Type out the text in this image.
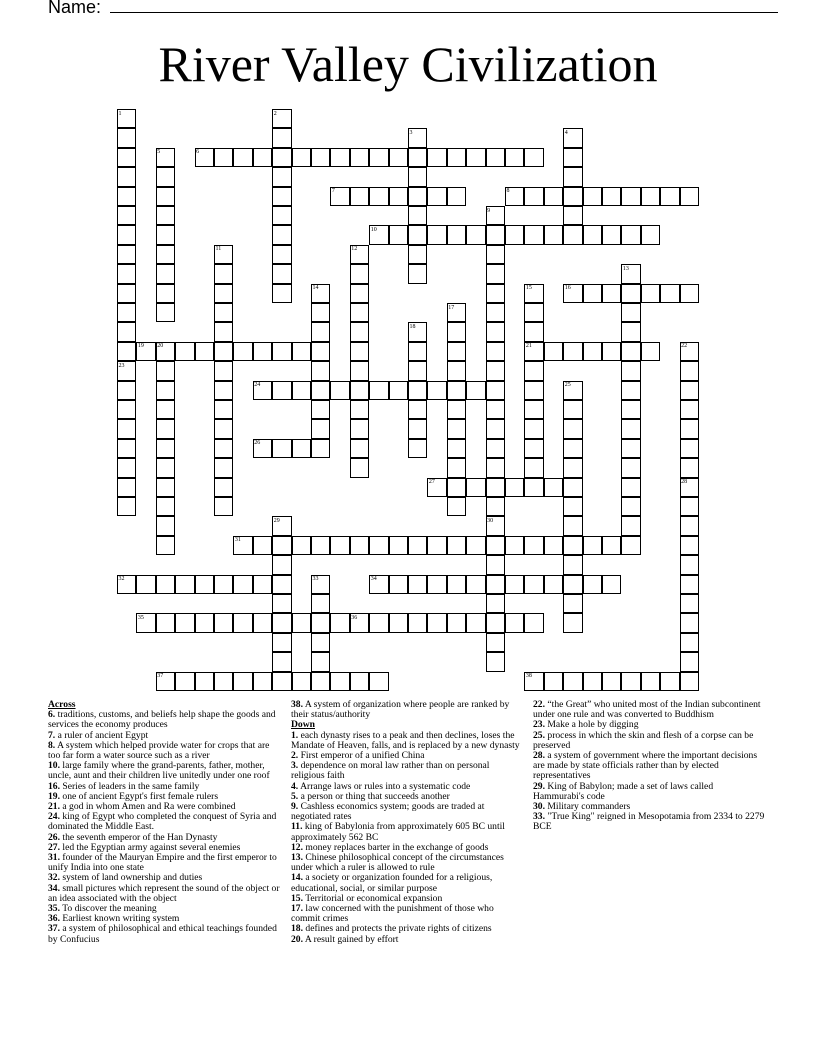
Name:
River Valley Civilization
1	2
3	4
5	6
7	8
9
10
11	12
13
14	15	16
17
18
19 20	21	22
23
24	25
26
27	28
29	30
31
32	33	34
35	36
37	38
Across
6. traditions, customs, and beliefs help shape the goods and services the economy produces
7. a ruler of ancient Egypt
8. A system which helped provide water for crops that are too far form a water source such as a river
10. large family where the grand-parents, father, mother, uncle, aunt and their children live unitedly under one roof
16. Series of leaders in the same family
19. one of ancient Egypt's first female rulers
21. a god in whom Amen and Ra were combined
24. king of Egypt who completed the conquest of Syria and dominated the Middle East.
26. the seventh emperor of the Han Dynasty
27. led the Egyptian army against several enemies
31. founder of the Mauryan Empire and the first emperor to unify India into one state
32. system of land ownership and duties
34. small pictures which represent the sound of the object or an idea associated with the object
35. To discover the meaning
36. Earliest known writing system
37. a system of philosophical and ethical teachings founded by Confucius
38. A system of organization where people are ranked by their status/authority
Down
1. each dynasty rises to a peak and then declines, loses the Mandate of Heaven, falls, and is replaced by a new dynasty
2. First emperor of a unified China
3. dependence on moral law rather than on personal religious faith
4. Arrange laws or rules into a systematic code
5. a person or thing that succeeds another
9. Cashless economics system; goods are traded at negotiated rates
11. king of Babylonia from approximately 605 BC until approximately 562 BC
12. money replaces barter in the exchange of goods
13. Chinese philosophical concept of the circumstances under which a ruler is allowed to rule
14. a society or organization founded for a religious, educational, social, or similar purpose
15. Territorial or economical expansion
17. law concerned with the punishment of those who commit crimes
18. defines and protects the private rights of citizens
20. A result gained by effort
22. “the Great” who united most of the Indian subcontinent under one rule and was converted to Buddhism
23. Make a hole by digging
25. process in which the skin and flesh of a corpse can be preserved
28. a system of government where the important decisions are made by state officials rather than by elected representatives
29. King of Babylon; made a set of laws called Hammurabi's code
30. Military commanders
33. "True King" reigned in Mesopotamia from 2334 to 2279 BCE
